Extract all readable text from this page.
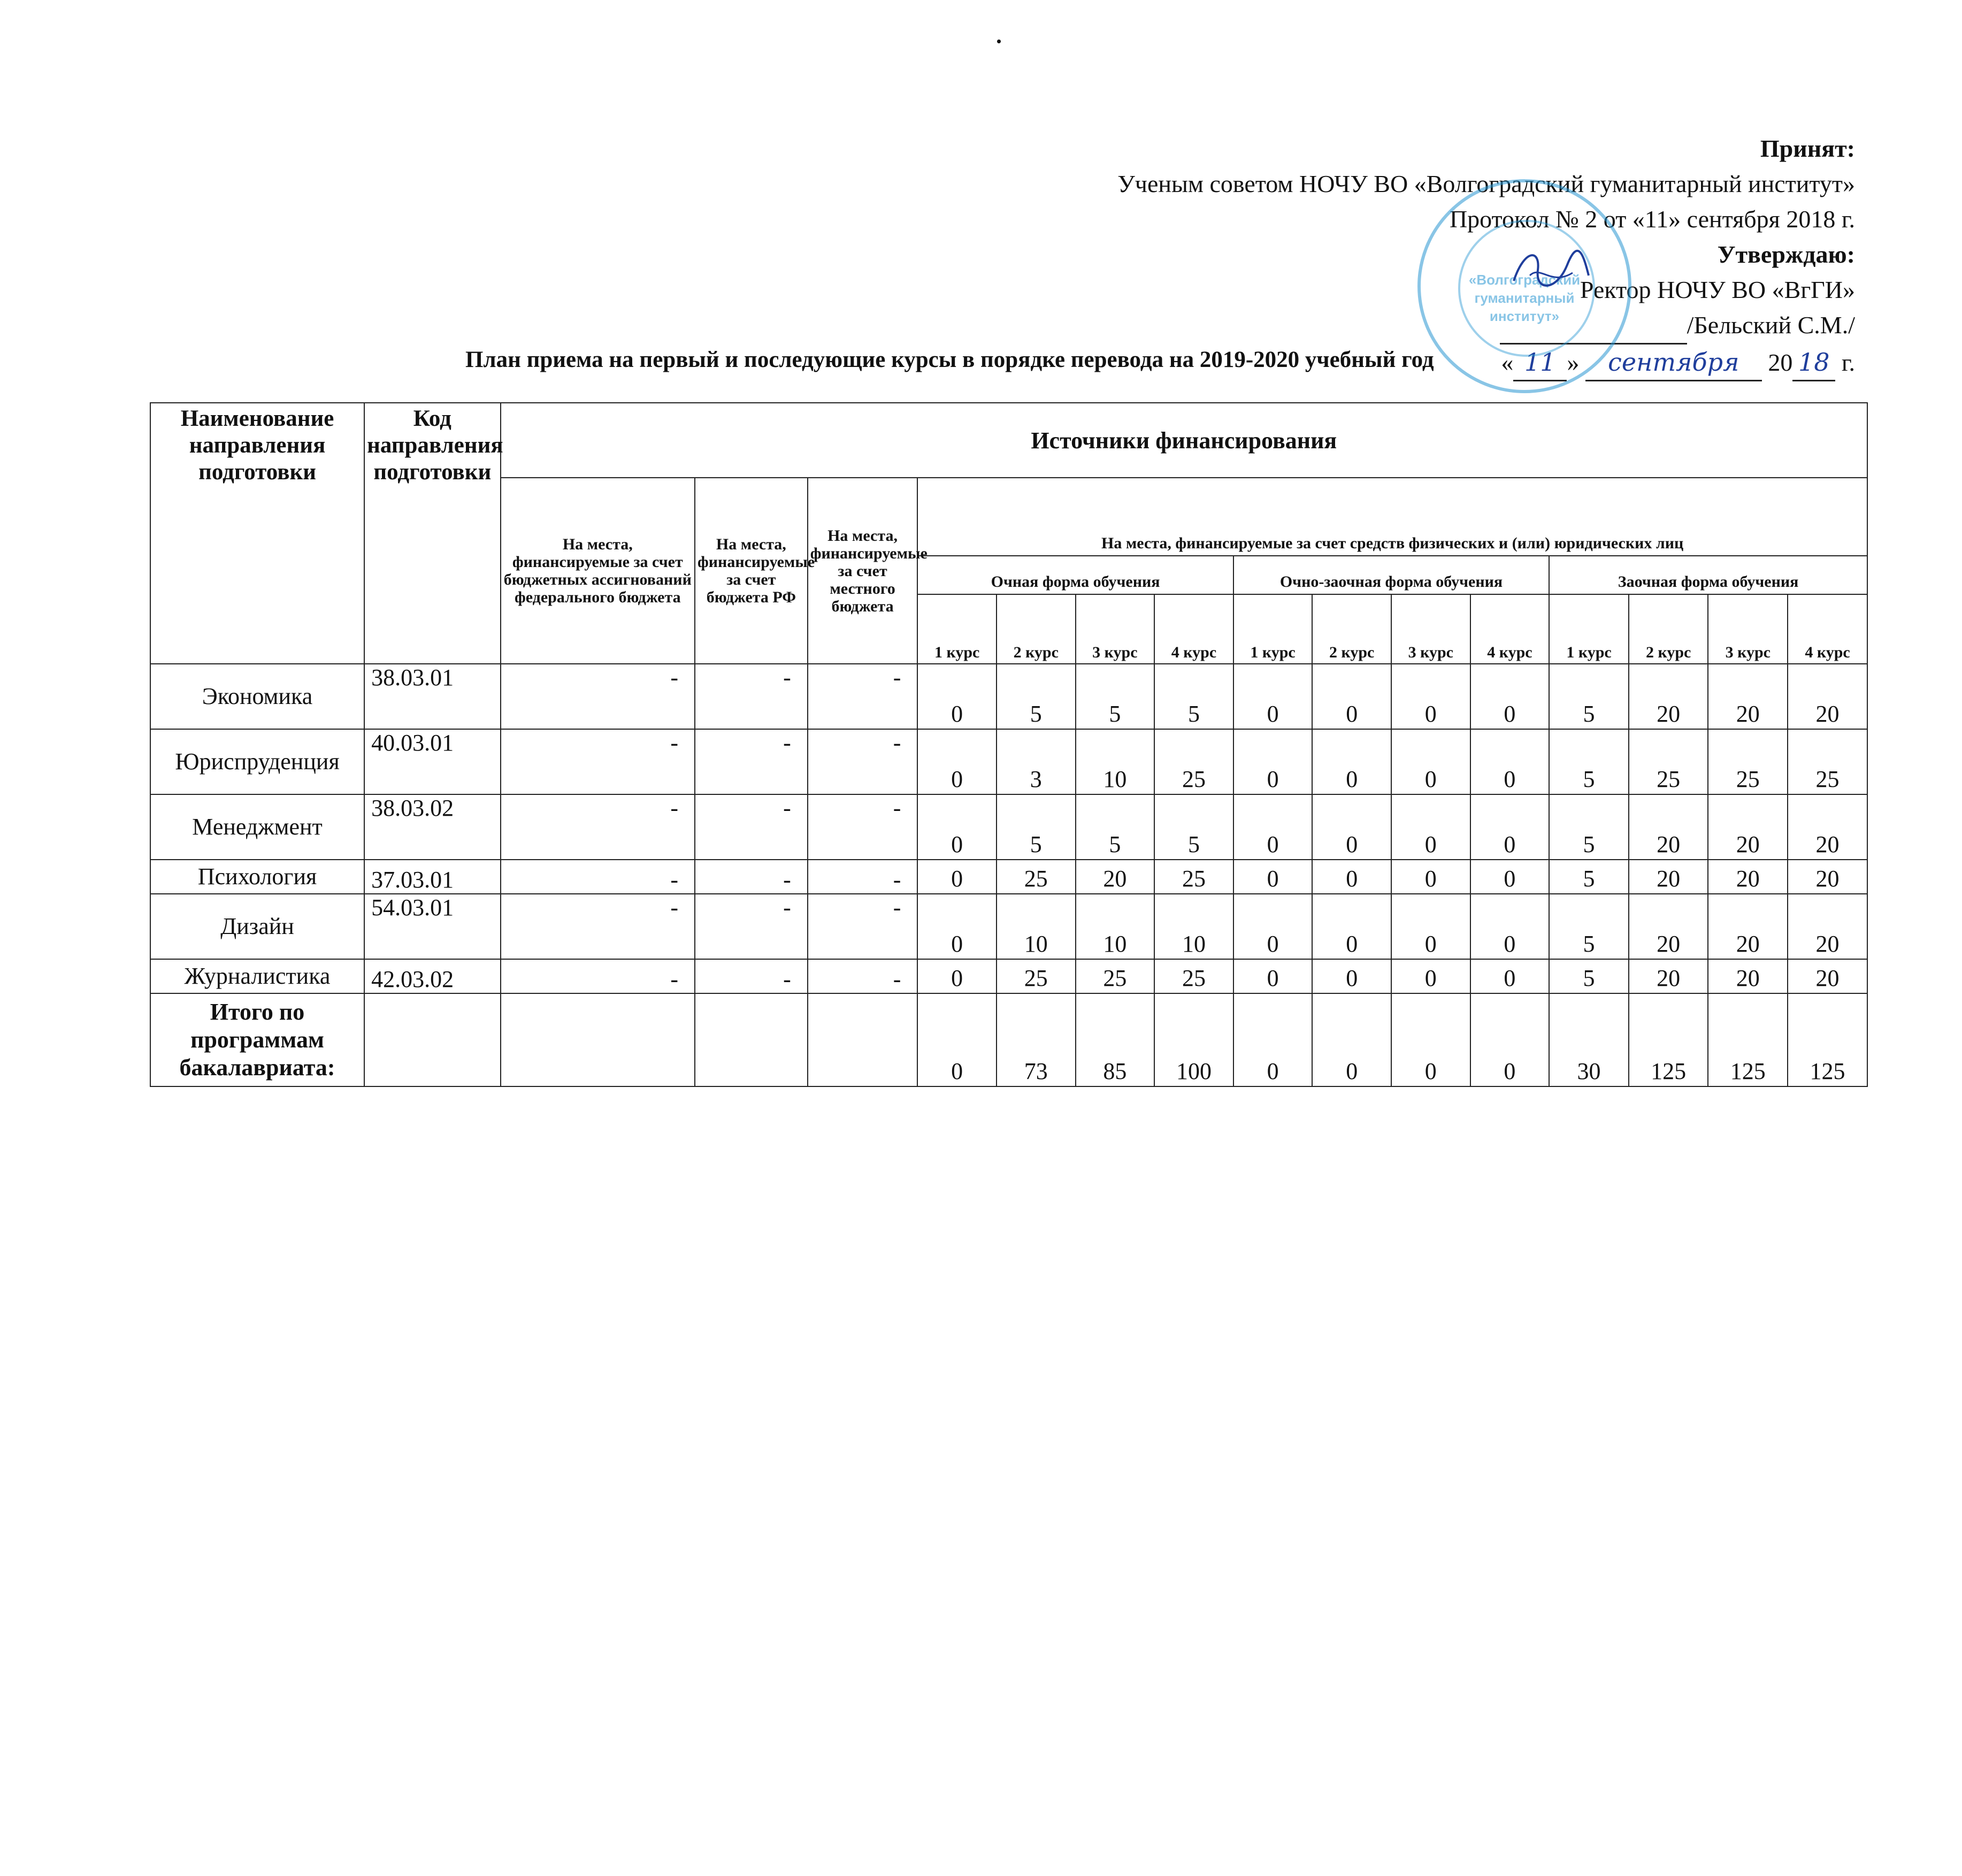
.
Принят:
Ученым советом НОЧУ ВО «Волгоградский гуманитарный институт»
Протокол № 2 от «11» сентября 2018 г.
Утверждаю:
Ректор НОЧУ ВО «ВгГИ»
/Бельский С.М./
« 11 » сентября 20 18 г.
«Волгоградский
гуманитарный
институт»
План приема на первый и последующие курсы в порядке перевода на 2019-2020 учебный год
Наименование направления подготовки	Код направления подготовки	Источники финансирования														
		На места, финансируемые за счет бюджетных ассигнований федерального бюджета	На места, финансируемые за счет бюджета РФ	На места, финансируемые за счет местного бюджета	На места, финансируемые за счет средств физических и (или) юридических лиц											
					Очная форма обучения				Очно-заочная форма обучения				Заочная форма обучения			
					1 курс	2 курс	3 курс	4 курс	1 курс	2 курс	3 курс	4 курс	1 курс	2 курс	3 курс	4 курс
Экономика	38.03.01	-	-	-	0	5	5	5	0	0	0	0	5	20	20	20
Юриспруденция	40.03.01	-	-	-	0	3	10	25	0	0	0	0	5	25	25	25
Менеджмент	38.03.02	-	-	-	0	5	5	5	0	0	0	0	5	20	20	20
Психология	37.03.01	-	-	-	0	25	20	25	0	0	0	0	5	20	20	20
Дизайн	54.03.01	-	-	-	0	10	10	10	0	0	0	0	5	20	20	20
Журналистика	42.03.02	-	-	-	0	25	25	25	0	0	0	0	5	20	20	20
Итого по программам бакалавриата:					0	73	85	100	0	0	0	0	30	125	125	125
